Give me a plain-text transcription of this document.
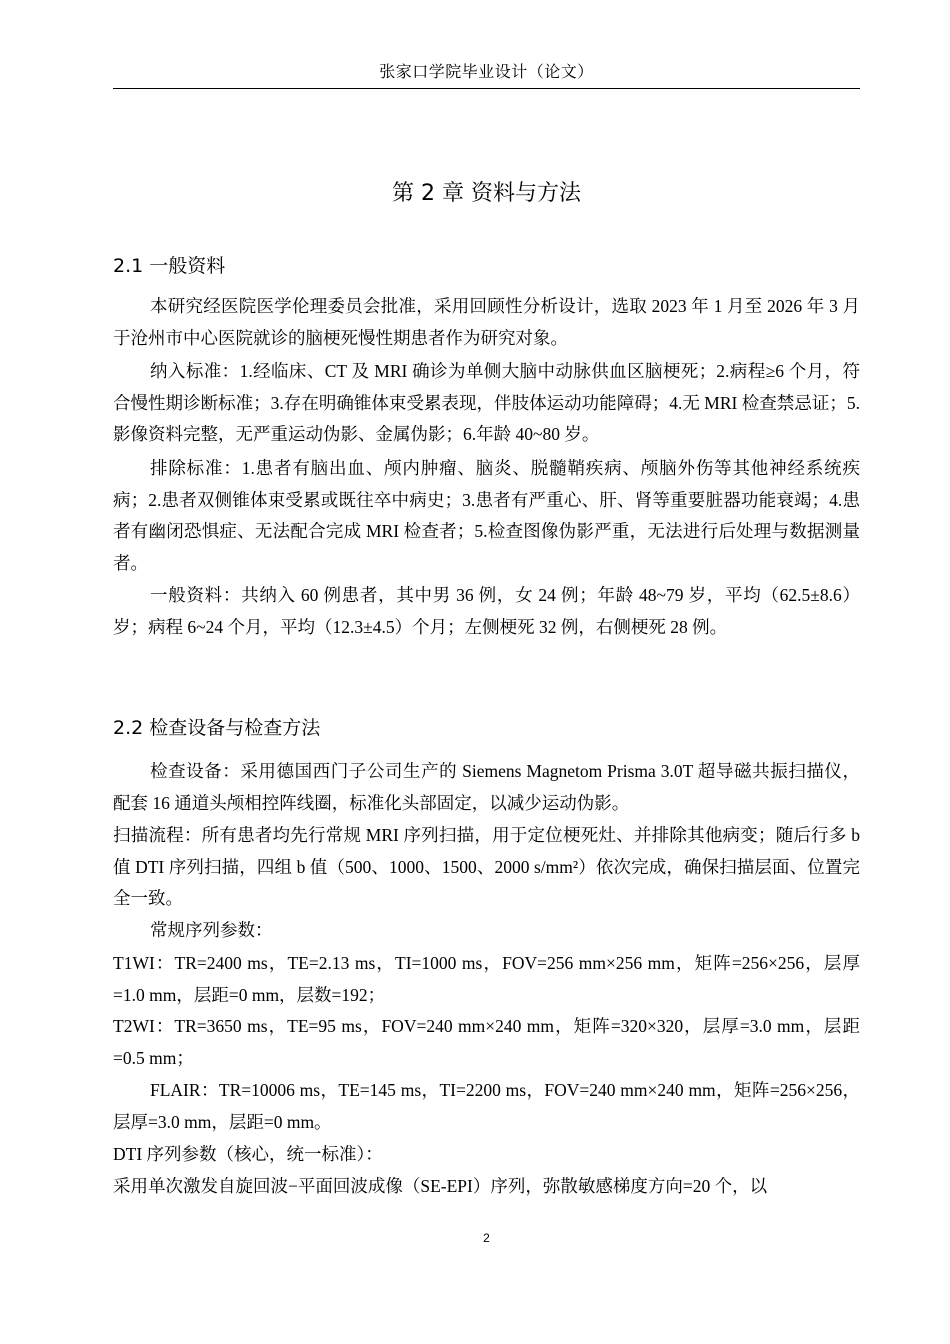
张家口学院毕业设计（论文）
第 2 章 资料与方法
2.1 一般资料

本研究经医院医学伦理委员会批准，采用回顾性分析设计，选取 2023 年 1 月至 2026 年 3 月于沧州市中心医院就诊的脑梗死慢性期患者作为研究对象。

纳入标准：1.经临床、CT 及 MRI 确诊为单侧大脑中动脉供血区脑梗死；2.病程≥6 个月，符合慢性期诊断标准；3.存在明确锥体束受累表现，伴肢体运动功能障碍；4.无 MRI 检查禁忌证；5.影像资料完整，无严重运动伪影、金属伪影；6.年龄 40~80 岁。

排除标准：1.患者有脑出血、颅内肿瘤、脑炎、脱髓鞘疾病、颅脑外伤等其他神经系统疾病；2.患者双侧锥体束受累或既往卒中病史；3.患者有严重心、肝、肾等重要脏器功能衰竭；4.患者有幽闭恐惧症、无法配合完成 MRI 检查者；5.检查图像伪影严重，无法进行后处理与数据测量者。

一般资料：共纳入 60 例患者，其中男 36 例，女 24 例；年龄 48~79 岁，平均（62.5±8.6）岁；病程 6~24 个月，平均（12.3±4.5）个月；左侧梗死 32 例，右侧梗死 28 例。

2.2 检查设备与检查方法

检查设备：采用德国西门子公司生产的 Siemens Magnetom Prisma 3.0T 超导磁共振扫描仪，配套 16 通道头颅相控阵线圈，标准化头部固定，以减少运动伪影。

扫描流程：所有患者均先行常规 MRI 序列扫描，用于定位梗死灶、并排除其他病变；随后行多 b 值 DTI 序列扫描，四组 b 值（500、1000、1500、2000 s/mm²）依次完成，确保扫描层面、位置完全一致。

常规序列参数：

T1WI：TR=2400 ms，TE=2.13 ms，TI=1000 ms，FOV=256 mm×256 mm，矩阵=256×256，层厚=1.0 mm，层距=0 mm，层数=192；

T2WI：TR=3650 ms，TE=95 ms，FOV=240 mm×240 mm，矩阵=320×320，层厚=3.0 mm，层距=0.5 mm；

FLAIR：TR=10006 ms，TE=145 ms，TI=2200 ms，FOV=240 mm×240 mm，矩阵=256×256，层厚=3.0 mm，层距=0 mm。

DTI 序列参数（核心，统一标准）：

采用单次激发自旋回波−平面回波成像（SE-EPI）序列，弥散敏感梯度方向=20 个，以

2
